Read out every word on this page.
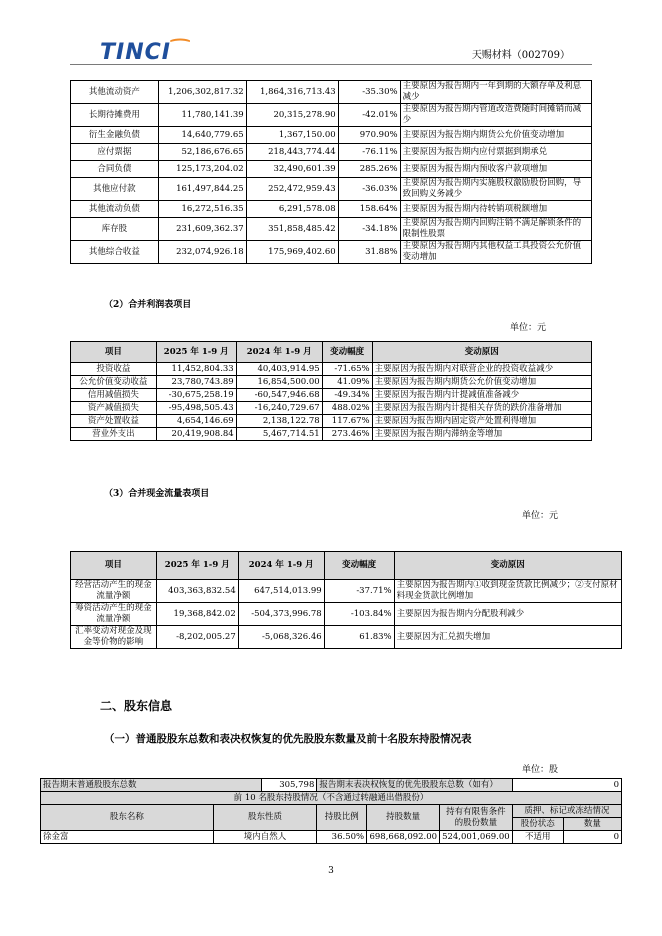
TINCI⁀	天赐材料（002709）
其他流动资产	1,206,302,817.32	1,864,316,713.43	-35.30%	主要原因为报告期内一年到期的大额存单及利息减少
长期待摊费用	11,780,141.39	20,315,278.90	-42.01%	主要原因为报告期内管道改造费随时间摊销而减少
衍生金融负债	14,640,779.65	1,367,150.00	970.90%	主要原因为报告期内期货公允价值变动增加
应付票据	52,186,676.65	218,443,774.44	-76.11%	主要原因为报告期内应付票据到期承兑
合同负债	125,173,204.02	32,490,601.39	285.26%	主要原因为报告期内预收客户款项增加
其他应付款	161,497,844.25	252,472,959.43	-36.03%	主要原因为报告期内实施股权激励股份回购，导致回购义务减少
其他流动负债	16,272,516.35	6,291,578.08	158.64%	主要原因为报告期内待转销项税额增加
库存股	231,609,362.37	351,858,485.42	-34.18%	主要原因为报告期内回购注销不满足解锁条件的限制性股票
其他综合收益	232,074,926.18	175,969,402.60	31.88%	主要原因为报告期内其他权益工具投资公允价值变动增加
（2）合并利润表项目
单位：元
项目	2025 年 1-9 月	2024 年 1-9 月	变动幅度	变动原因
投资收益	11,452,804.33	40,403,914.95	-71.65%	主要原因为报告期内对联营企业的投资收益减少
公允价值变动收益	23,780,743.89	16,854,500.00	41.09%	主要原因为报告期内期货公允价值变动增加
信用减值损失	-30,675,258.19	-60,547,946.68	-49.34%	主要原因为报告期内计提减值准备减少
资产减值损失	-95,498,505.43	-16,240,729.67	488.02%	主要原因为报告期内计提相关存货的跌价准备增加
资产处置收益	4,654,146.69	2,138,122.78	117.67%	主要原因为报告期内固定资产处置利得增加
营业外支出	20,419,908.84	5,467,714.51	273.46%	主要原因为报告期内滞纳金等增加
（3）合并现金流量表项目
单位：元
项目	2025 年 1-9 月	2024 年 1-9 月	变动幅度	变动原因
经营活动产生的现金流量净额	403,363,832.54	647,514,013.99	-37.71%	主要原因为报告期内①收到现金货款比例减少；②支付原材料现金货款比例增加
筹资活动产生的现金流量净额	19,368,842.02	-504,373,996.78	-103.84%	主要原因为报告期内分配股利减少
汇率变动对现金及现金等价物的影响	-8,202,005.27	-5,068,326.46	61.83%	主要原因为汇兑损失增加
二、股东信息
（一）普通股股东总数和表决权恢复的优先股股东数量及前十名股东持股情况表
单位：股
报告期末普通股股东总数		305,798	报告期末表决权恢复的优先股股东总数（如有）			0	
前 10 名股东持股情况（不含通过转融通出借股份）							
股东名称	股东性质		持股比例	持股数量	持有有限售条件的股份数量	质押、标记或冻结情况	
						股份状态	数量
徐金富	境内自然人		36.50%	698,668,092.00	524,001,069.00	不适用	0
3
